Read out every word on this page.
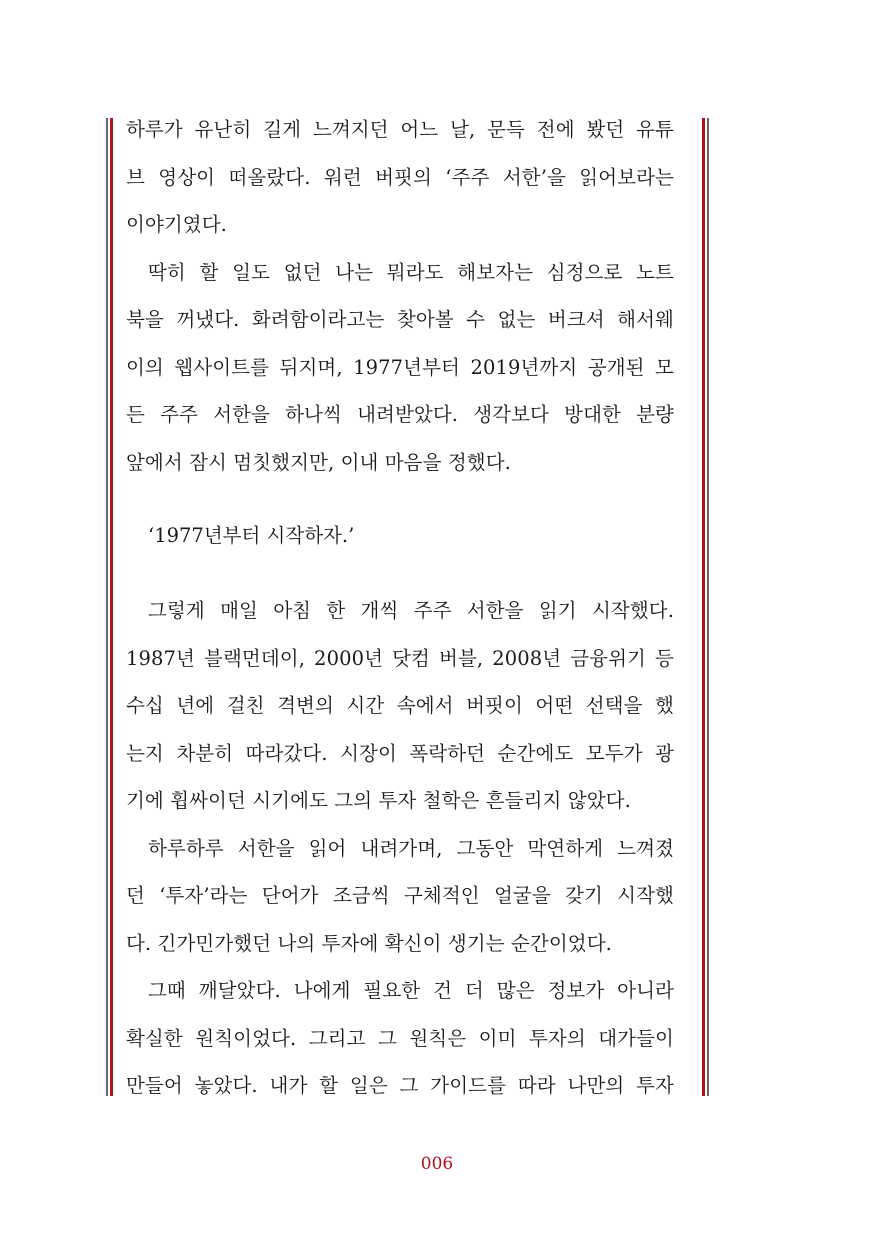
하루가 유난히 길게 느껴지던 어느 날, 문득 전에 봤던 유튜
브 영상이 떠올랐다. 워런 버핏의 ‘주주 서한’을 읽어보라는
이야기였다.

딱히 할 일도 없던 나는 뭐라도 해보자는 심정으로 노트
북을 꺼냈다. 화려함이라고는 찾아볼 수 없는 버크셔 해서웨
이의 웹사이트를 뒤지며, 1977년부터 2019년까지 공개된 모
든 주주 서한을 하나씩 내려받았다. 생각보다 방대한 분량
앞에서 잠시 멈칫했지만, 이내 마음을 정했다.

‘1977년부터 시작하자.’

그렇게 매일 아침 한 개씩 주주 서한을 읽기 시작했다.
1987년 블랙먼데이, 2000년 닷컴 버블, 2008년 금융위기 등
수십 년에 걸친 격변의 시간 속에서 버핏이 어떤 선택을 했
는지 차분히 따라갔다. 시장이 폭락하던 순간에도 모두가 광
기에 휩싸이던 시기에도 그의 투자 철학은 흔들리지 않았다.

하루하루 서한을 읽어 내려가며, 그동안 막연하게 느껴졌
던 ‘투자’라는 단어가 조금씩 구체적인 얼굴을 갖기 시작했
다. 긴가민가했던 나의 투자에 확신이 생기는 순간이었다.

그때 깨달았다. 나에게 필요한 건 더 많은 정보가 아니라
확실한 원칙이었다. 그리고 그 원칙은 이미 투자의 대가들이
만들어 놓았다. 내가 할 일은 그 가이드를 따라 나만의 투자

006
